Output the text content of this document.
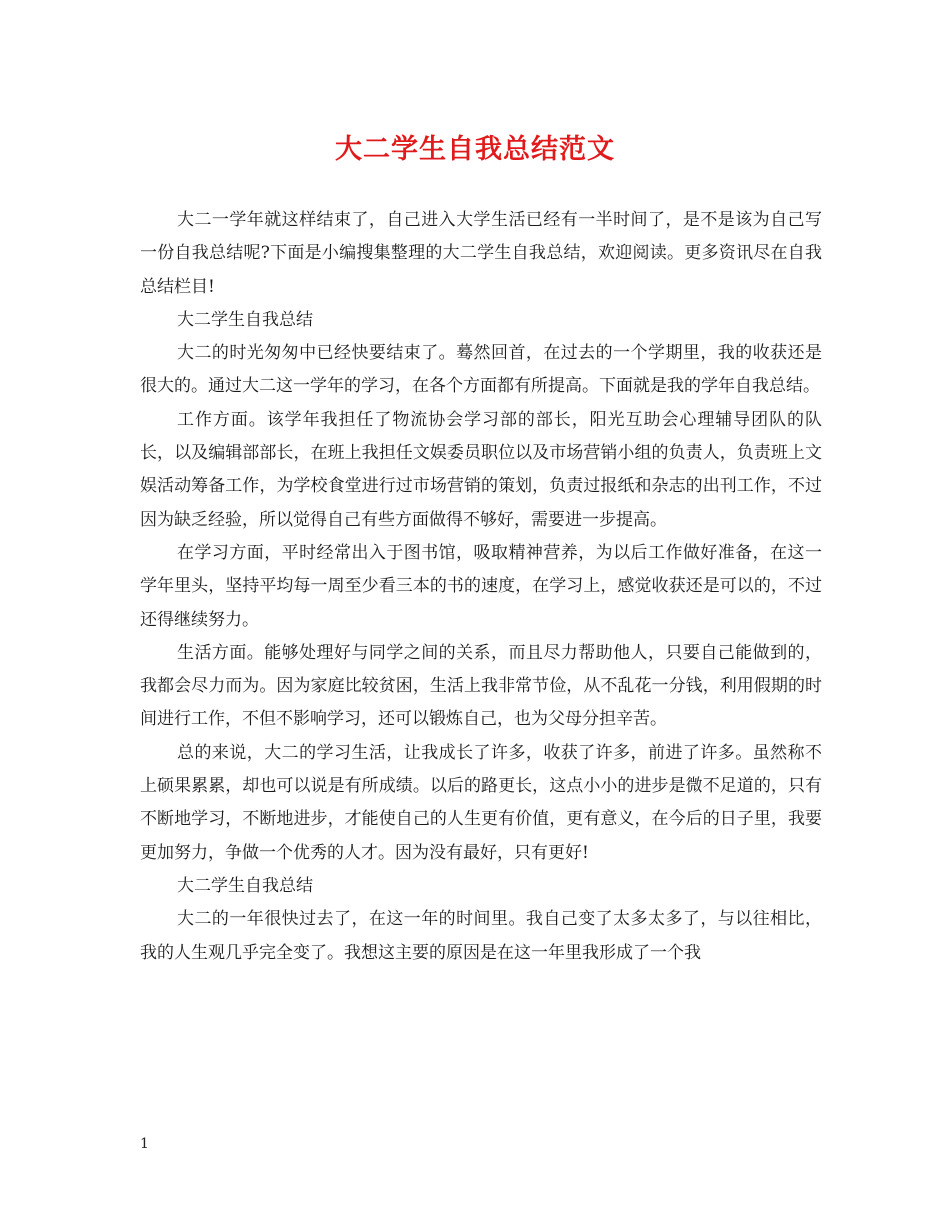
大二学生自我总结范文

大二一学年就这样结束了，自己进入大学生活已经有一半时间了，是不是该为自己写一份自我总结呢?下面是小编搜集整理的大二学生自我总结，欢迎阅读。更多资讯尽在自我总结栏目!

大二学生自我总结

大二的时光匆匆中已经快要结束了。蓦然回首，在过去的一个学期里，我的收获还是很大的。通过大二这一学年的学习，在各个方面都有所提高。下面就是我的学年自我总结。

工作方面。该学年我担任了物流协会学习部的部长，阳光互助会心理辅导团队的队长，以及编辑部部长，在班上我担任文娱委员职位以及市场营销小组的负责人，负责班上文娱活动筹备工作，为学校食堂进行过市场营销的策划，负责过报纸和杂志的出刊工作，不过因为缺乏经验，所以觉得自己有些方面做得不够好，需要进一步提高。

在学习方面，平时经常出入于图书馆，吸取精神营养，为以后工作做好准备，在这一学年里头，坚持平均每一周至少看三本的书的速度，在学习上，感觉收获还是可以的，不过还得继续努力。

生活方面。能够处理好与同学之间的关系，而且尽力帮助他人，只要自己能做到的，我都会尽力而为。因为家庭比较贫困，生活上我非常节俭，从不乱花一分钱，利用假期的时间进行工作，不但不影响学习，还可以锻炼自己，也为父母分担辛苦。

总的来说，大二的学习生活，让我成长了许多，收获了许多，前进了许多。虽然称不上硕果累累，却也可以说是有所成绩。以后的路更长，这点小小的进步是微不足道的，只有不断地学习，不断地进步，才能使自己的人生更有价值，更有意义，在今后的日子里，我要更加努力，争做一个优秀的人才。因为没有最好，只有更好!

大二学生自我总结

大二的一年很快过去了，在这一年的时间里。我自己变了太多太多了，与以往相比，我的人生观几乎完全变了。我想这主要的原因是在这一年里我形成了一个我

1
